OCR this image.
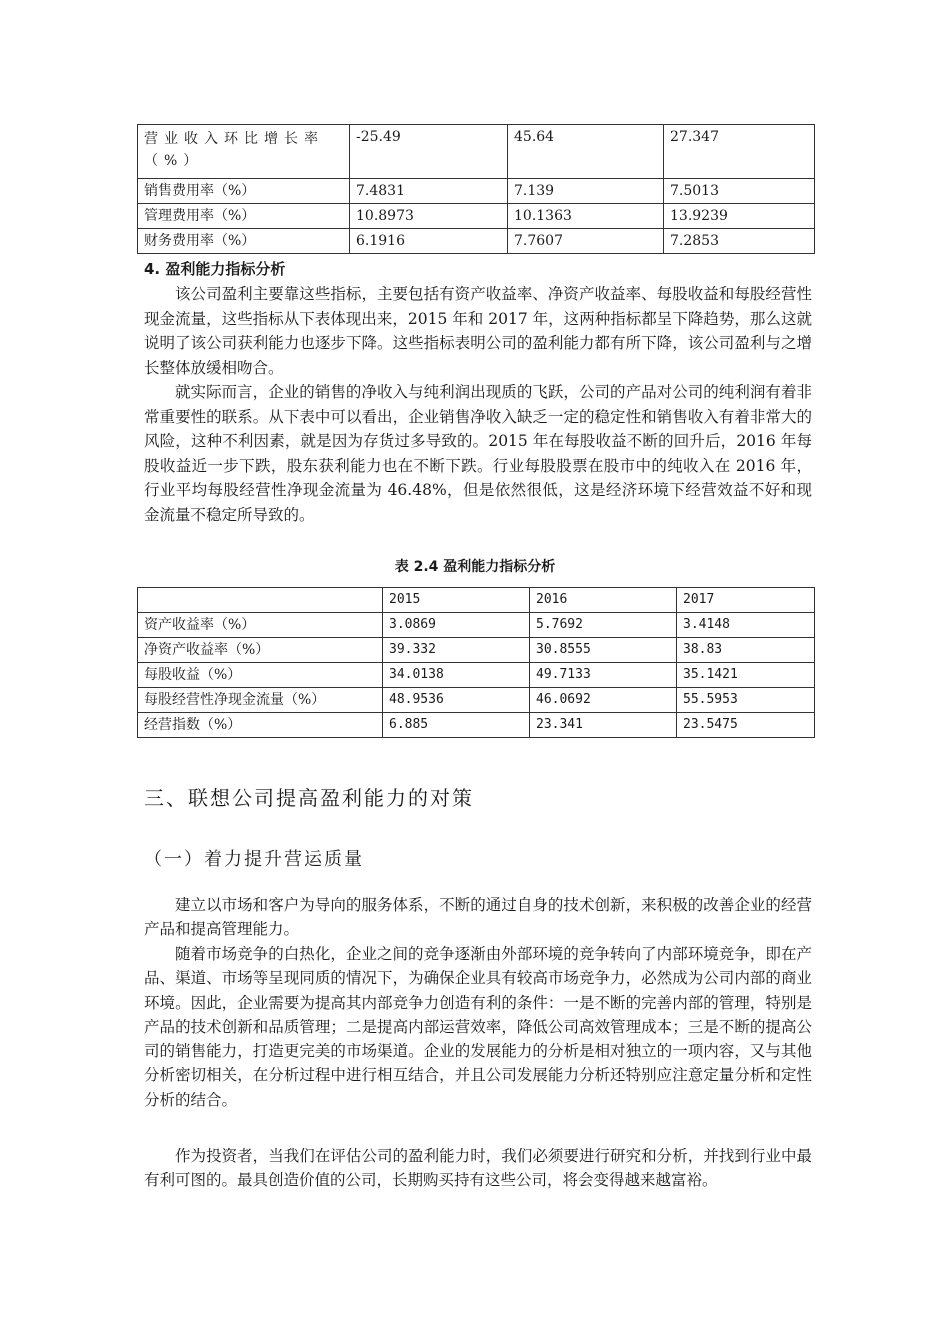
营业收入环比增长率（%）	-25.49	45.64	27.347
销售费用率（%）	7.4831	7.139	7.5013
管理费用率（%）	10.8973	10.1363	13.9239
财务费用率（%）	6.1916	7.7607	7.2853
4. 盈利能力指标分析

该公司盈利主要靠这些指标，主要包括有资产收益率、净资产收益率、每股收益和每股经营性现金流量，这些指标从下表体现出来，2015 年和 2017 年，这两种指标都呈下降趋势，那么这就说明了该公司获利能力也逐步下降。这些指标表明公司的盈利能力都有所下降，该公司盈利与之增长整体放缓相吻合。

就实际而言，企业的销售的净收入与纯利润出现质的飞跃，公司的产品对公司的纯利润有着非常重要性的联系。从下表中可以看出，企业销售净收入缺乏一定的稳定性和销售收入有着非常大的风险，这种不利因素，就是因为存货过多导致的。2015 年在每股收益不断的回升后，2016 年每股收益近一步下跌，股东获利能力也在不断下跌。行业每股股票在股市中的纯收入在 2016 年，行业平均每股经营性净现金流量为 46.48%，但是依然很低，这是经济环境下经营效益不好和现金流量不稳定所导致的。

表 2.4 盈利能力指标分析

	2015	2016	2017
资产收益率（%）	3.0869	5.7692	3.4148
净资产收益率（%）	39.332	30.8555	38.83
每股收益（%）	34.0138	49.7133	35.1421
每股经营性净现金流量（%）	48.9536	46.0692	55.5953
经营指数（%）	6.885	23.341	23.5475
三、联想公司提高盈利能力的对策
（一）着力提升营运质量

建立以市场和客户为导向的服务体系，不断的通过自身的技术创新，来积极的改善企业的经营产品和提高管理能力。

随着市场竞争的白热化，企业之间的竞争逐渐由外部环境的竞争转向了内部环境竞争，即在产品、渠道、市场等呈现同质的情况下，为确保企业具有较高市场竞争力，必然成为公司内部的商业环境。因此，企业需要为提高其内部竞争力创造有利的条件：一是不断的完善内部的管理，特别是产品的技术创新和品质管理；二是提高内部运营效率，降低公司高效管理成本；三是不断的提高公司的销售能力，打造更完美的市场渠道。企业的发展能力的分析是相对独立的一项内容，又与其他分析密切相关，在分析过程中进行相互结合，并且公司发展能力分析还特别应注意定量分析和定性分析的结合。

作为投资者，当我们在评估公司的盈利能力时，我们必须要进行研究和分析，并找到行业中最有利可图的。最具创造价值的公司，长期购买持有这些公司，将会变得越来越富裕。
